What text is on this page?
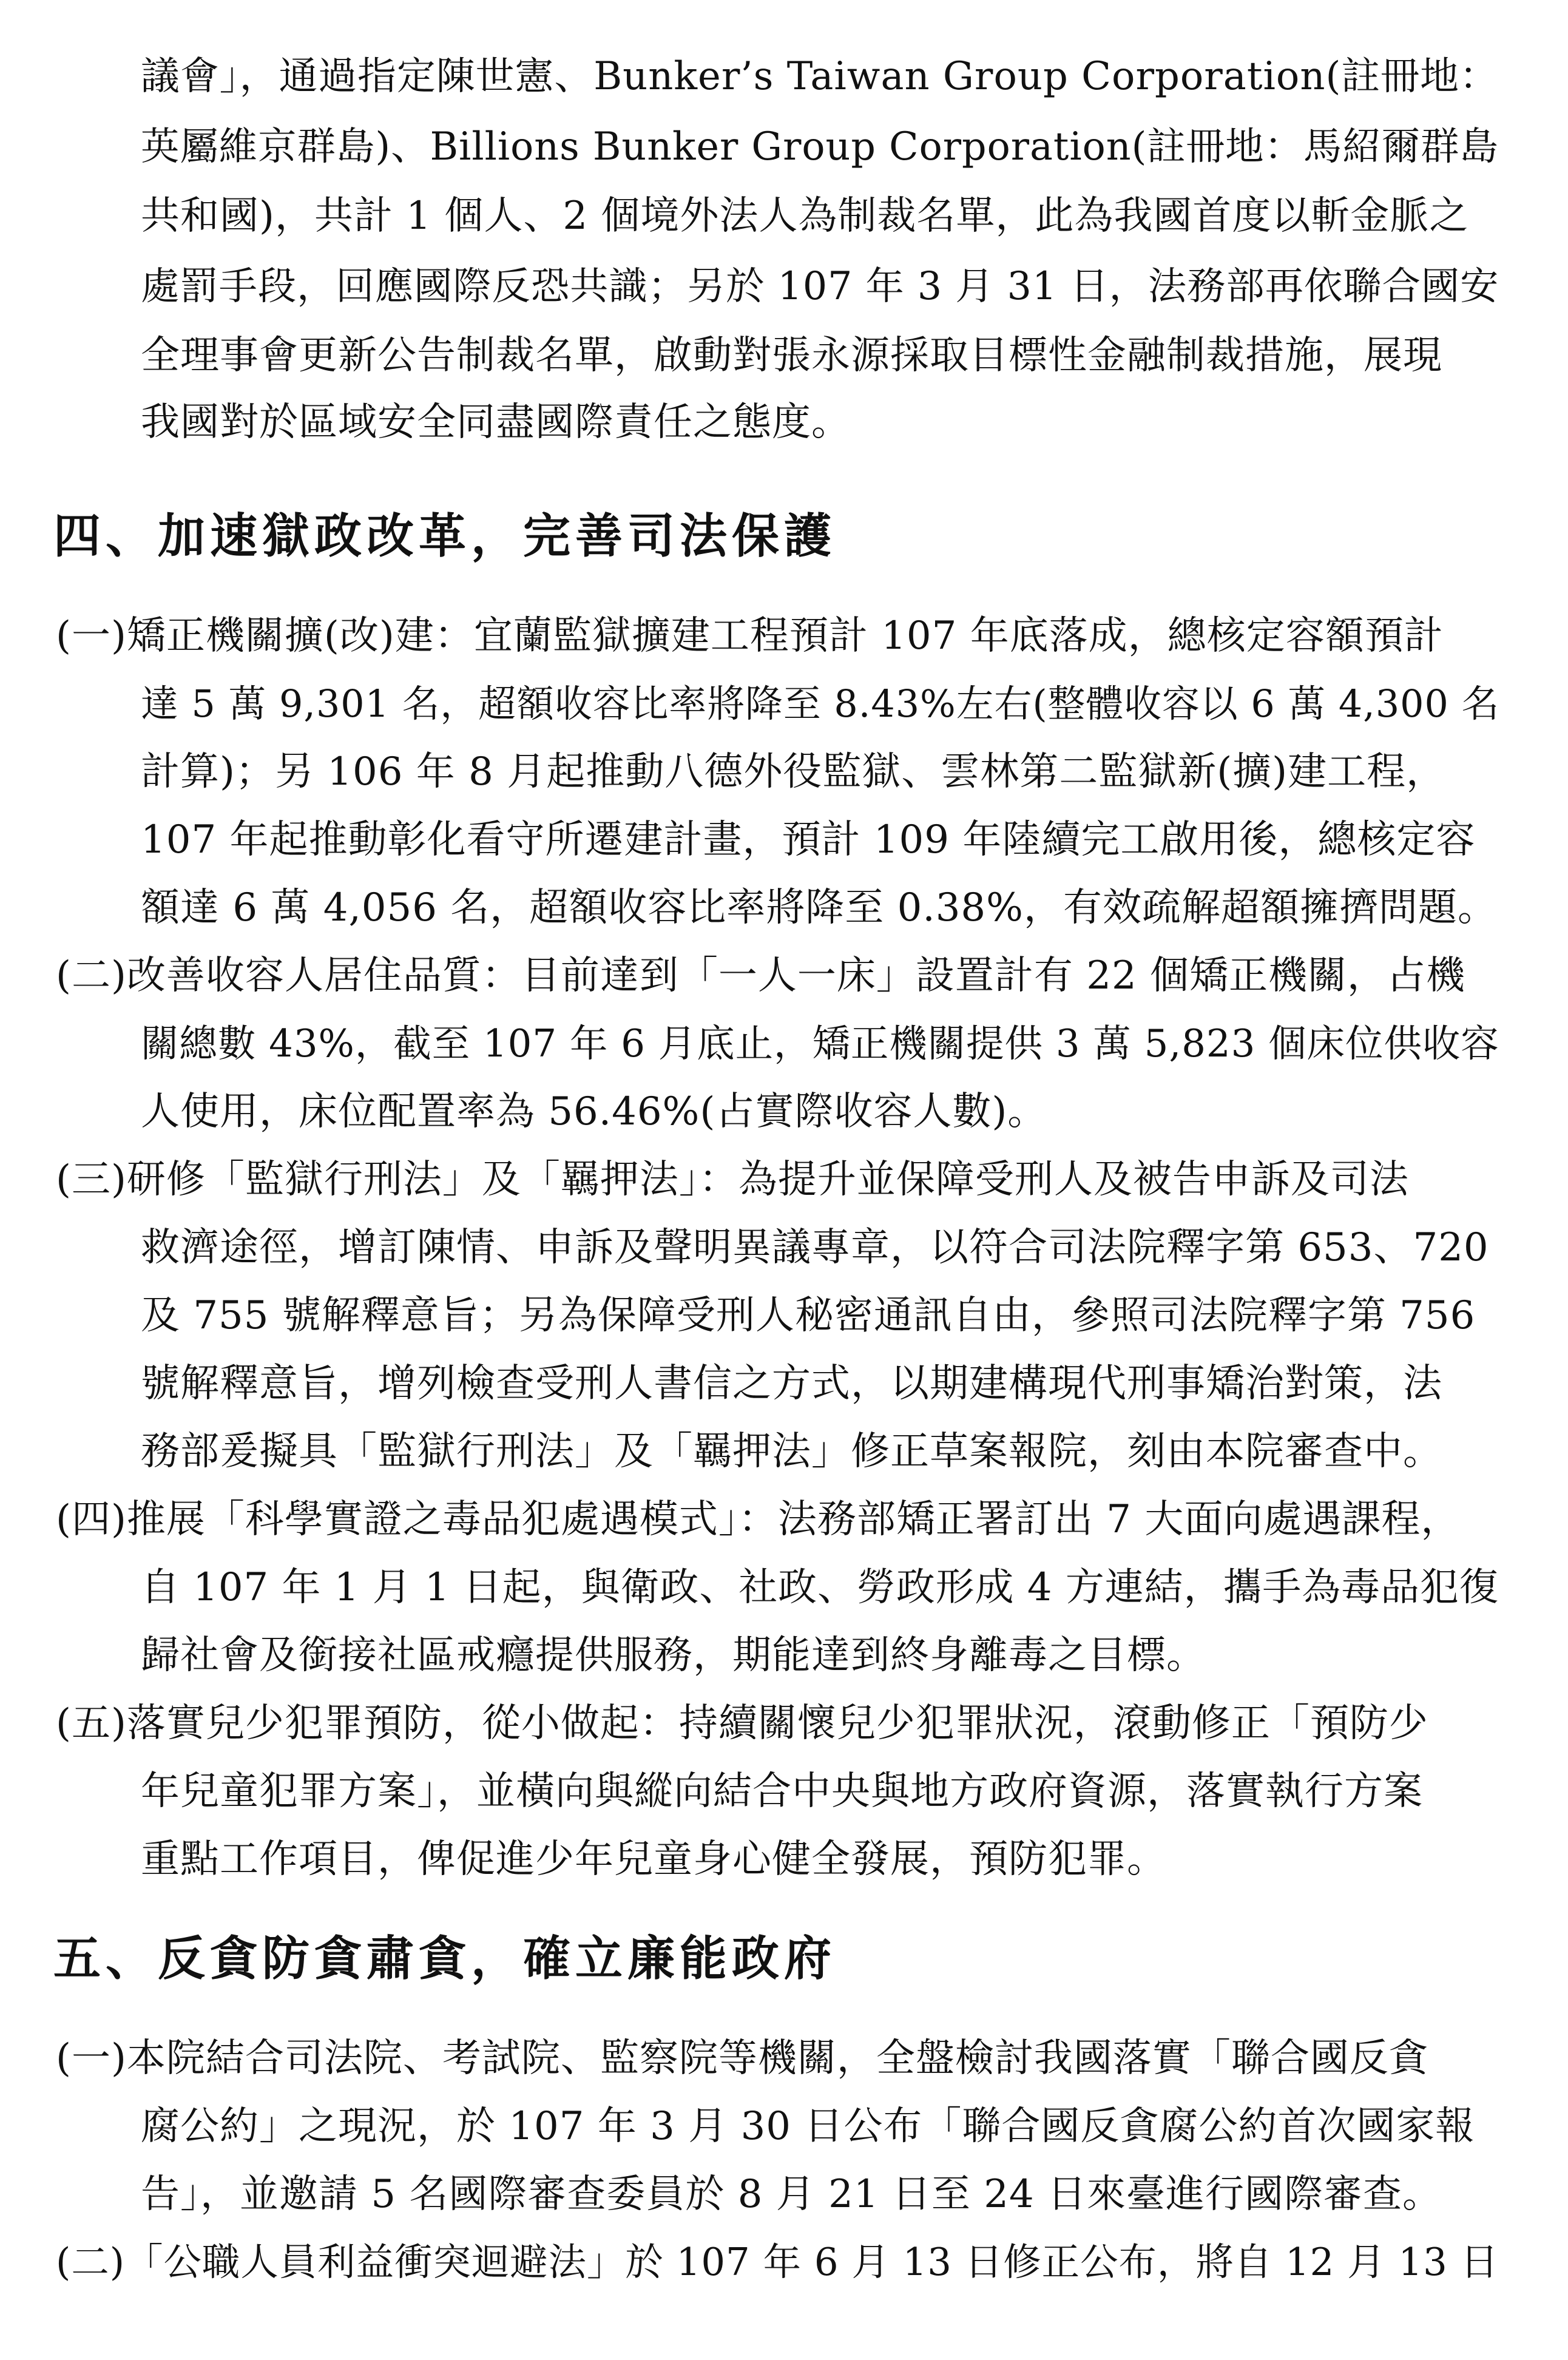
議會」，通過指定陳世憲、Bunker’s Taiwan Group Corporation(註冊地：
英屬維京群島)、Billions Bunker Group Corporation(註冊地：馬紹爾群島
共和國)，共計 1 個人、2 個境外法人為制裁名單，此為我國首度以斬金脈之
處罰手段，回應國際反恐共識；另於 107 年 3 月 31 日，法務部再依聯合國安
全理事會更新公告制裁名單，啟動對張永源採取目標性金融制裁措施，展現
我國對於區域安全同盡國際責任之態度。
四、加速獄政改革，完善司法保護
(一)矯正機關擴(改)建：宜蘭監獄擴建工程預計 107 年底落成，總核定容額預計
達 5 萬 9,301 名，超額收容比率將降至 8.43%左右(整體收容以 6 萬 4,300 名
計算)；另 106 年 8 月起推動八德外役監獄、雲林第二監獄新(擴)建工程，
107 年起推動彰化看守所遷建計畫，預計 109 年陸續完工啟用後，總核定容
額達 6 萬 4,056 名，超額收容比率將降至 0.38%，有效疏解超額擁擠問題。
(二)改善收容人居住品質：目前達到「一人一床」設置計有 22 個矯正機關，占機
關總數 43%，截至 107 年 6 月底止，矯正機關提供 3 萬 5,823 個床位供收容
人使用，床位配置率為 56.46%(占實際收容人數)。
(三)研修「監獄行刑法」及「羈押法」：為提升並保障受刑人及被告申訴及司法
救濟途徑，增訂陳情、申訴及聲明異議專章，以符合司法院釋字第 653、720
及 755 號解釋意旨；另為保障受刑人秘密通訊自由，參照司法院釋字第 756
號解釋意旨，增列檢查受刑人書信之方式，以期建構現代刑事矯治對策，法
務部爰擬具「監獄行刑法」及「羈押法」修正草案報院，刻由本院審查中。
(四)推展「科學實證之毒品犯處遇模式」：法務部矯正署訂出 7 大面向處遇課程，
自 107 年 1 月 1 日起，與衛政、社政、勞政形成 4 方連結，攜手為毒品犯復
歸社會及銜接社區戒癮提供服務，期能達到終身離毒之目標。
(五)落實兒少犯罪預防，從小做起：持續關懷兒少犯罪狀況，滾動修正「預防少
年兒童犯罪方案」，並橫向與縱向結合中央與地方政府資源，落實執行方案
重點工作項目，俾促進少年兒童身心健全發展，預防犯罪。
五、反貪防貪肅貪，確立廉能政府
(一)本院結合司法院、考試院、監察院等機關，全盤檢討我國落實「聯合國反貪
腐公約」之現況，於 107 年 3 月 30 日公布「聯合國反貪腐公約首次國家報
告」，並邀請 5 名國際審查委員於 8 月 21 日至 24 日來臺進行國際審查。
(二)「公職人員利益衝突迴避法」於 107 年 6 月 13 日修正公布，將自 12 月 13 日
